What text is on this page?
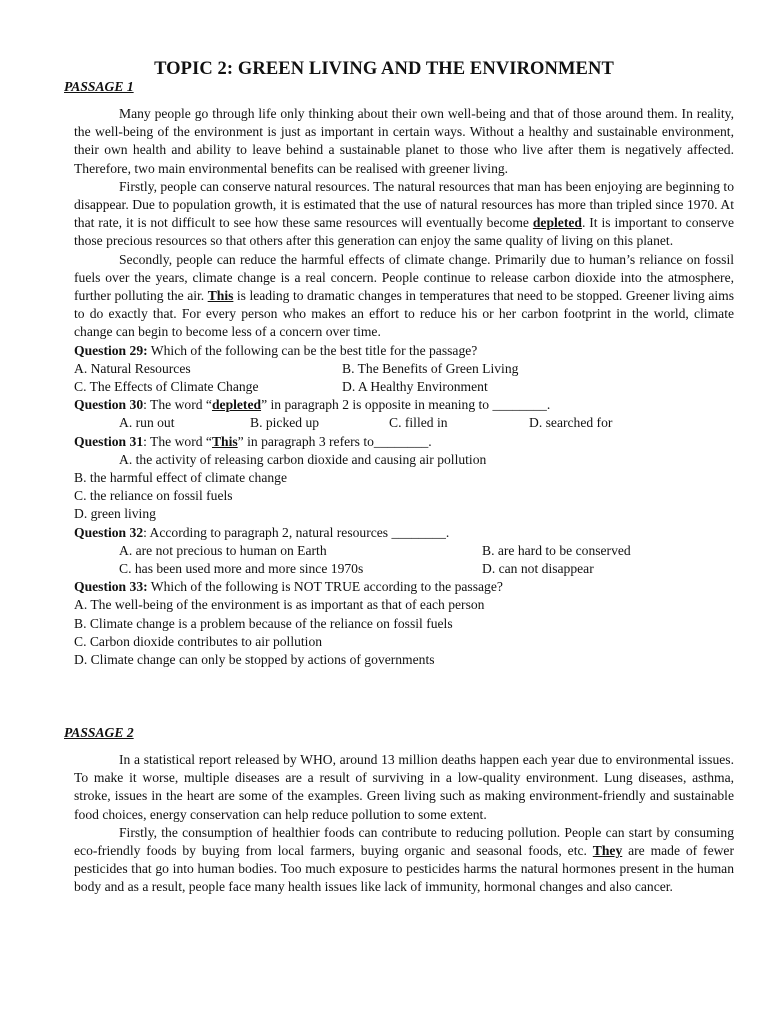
TOPIC 2: GREEN LIVING AND THE ENVIRONMENT
PASSAGE 1

Many people go through life only thinking about their own well-being and that of those around them. In reality, the well-being of the environment is just as important in certain ways. Without a healthy and sustainable environment, their own health and ability to leave behind a sustainable planet to those who live after them is negatively affected. Therefore, two main environmental benefits can be realised with greener living.

Firstly, people can conserve natural resources. The natural resources that man has been enjoying are beginning to disappear. Due to population growth, it is estimated that the use of natural resources has more than tripled since 1970. At that rate, it is not difficult to see how these same resources will eventually become depleted. It is important to conserve those precious resources so that others after this generation can enjoy the same quality of living on this planet.

Secondly, people can reduce the harmful effects of climate change. Primarily due to human’s reliance on fossil fuels over the years, climate change is a real concern. People continue to release carbon dioxide into the atmosphere, further polluting the air. This is leading to dramatic changes in temperatures that need to be stopped. Greener living aims to do exactly that. For every person who makes an effort to reduce his or her carbon footprint in the world, climate change can begin to become less of a concern over time.

Question 29: Which of the following can be the best title for the passage?

A. Natural Resources	B. The Benefits of Green Living
C. The Effects of Climate Change	D. A Healthy Environment

Question 30: The word “depleted” in paragraph 2 is opposite in meaning to ________.

A. run out	B. picked up	C. filled in	D. searched for

Question 31: The word “This” in paragraph 3 refers to________.

A. the activity of releasing carbon dioxide and causing air pollution

B. the harmful effect of climate change

C. the reliance on fossil fuels

D. green living

Question 32: According to paragraph 2, natural resources ________.

A. are not precious to human on Earth	B. are hard to be conserved
C. has been used more and more since 1970s	D. can not disappear

Question 33: Which of the following is NOT TRUE according to the passage?

A. The well-being of the environment is as important as that of each person

B. Climate change is a problem because of the reliance on fossil fuels

C. Carbon dioxide contributes to air pollution

D. Climate change can only be stopped by actions of governments

PASSAGE 2

In a statistical report released by WHO, around 13 million deaths happen each year due to environmental issues. To make it worse, multiple diseases are a result of surviving in a low-quality environment. Lung diseases, asthma, stroke, issues in the heart are some of the examples. Green living such as making environment-friendly and sustainable food choices, energy conservation can help reduce pollution to some extent.

Firstly, the consumption of healthier foods can contribute to reducing pollution. People can start by consuming eco-friendly foods by buying from local farmers, buying organic and seasonal foods, etc. They are made of fewer pesticides that go into human bodies. Too much exposure to pesticides harms the natural hormones present in the human body and as a result, people face many health issues like lack of immunity, hormonal changes and also cancer.
